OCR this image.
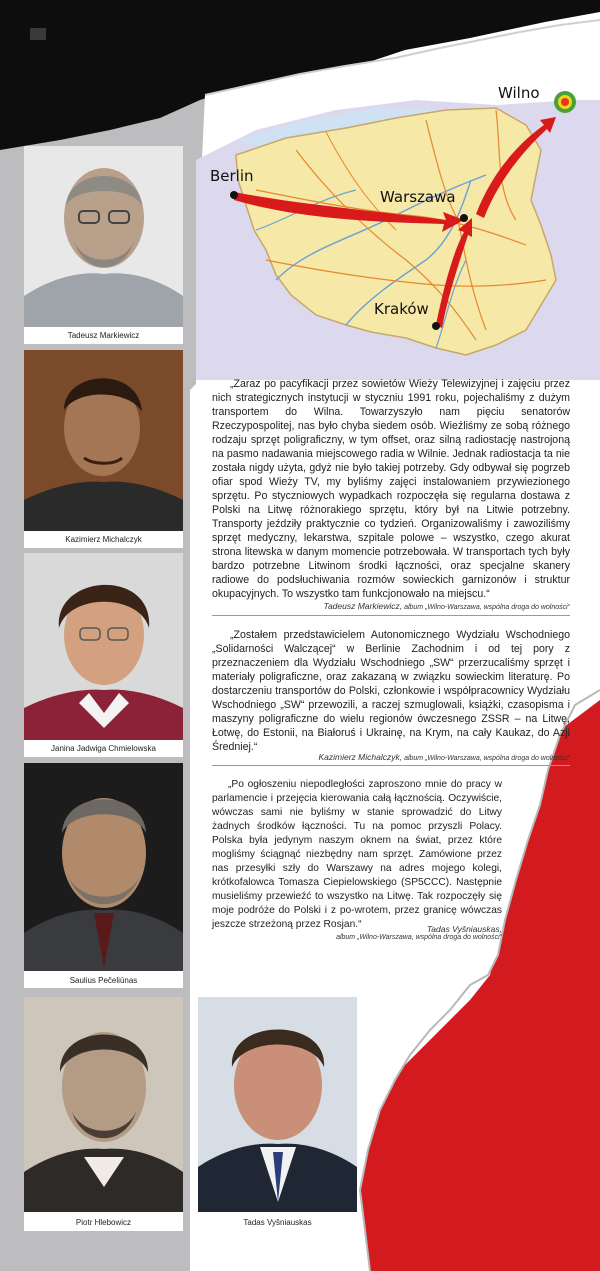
Berlin
Warszawa
Kraków
Wilno
Tadeusz Markiewicz
Kazimierz Michalczyk
Janina Jadwiga Chmielowska
Saulius Pečeliūnas
Piotr Hlebowicz	Tadas Vyšniauskas
„Zaraz po pacyfikacji przez sowietów Wieży Telewizyjnej i zajęciu przez nich strategicznych instytucji w styczniu 1991 roku, pojechaliśmy z dużym transportem do Wilna. Towarzyszyło nam pięciu senatorów Rzeczypospolitej, nas było chyba siedem osób. Wieźliśmy ze sobą różnego rodzaju sprzęt poligraficzny, w tym offset, oraz silną radiostację nastrojoną na pasmo nadawania miejscowego radia w Wilnie. Jednak radiostacja ta nie została nigdy użyta, gdyż nie było takiej potrzeby. Gdy odbywał się pogrzeb ofiar spod Wieży TV, my byliśmy zajęci instalowaniem przywiezionego sprzętu. Po styczniowych wypadkach rozpoczęła się regularna dostawa z Polski na Litwę różnorakiego sprzętu, który był na Litwie potrzebny. Transporty jeździły praktycznie co tydzień. Organizowaliśmy i zawoziliśmy sprzęt medyczny, lekarstwa, szpitale polowe – wszystko, czego akurat strona litewska w danym momencie potrzebowała. W transportach tych były bardzo potrzebne Litwinom środki łączności, oraz specjalne skanery radiowe do podsłuchiwania rozmów sowieckich garnizonów i struktur okupacyjnych. To wszystko tam funkcjonowało na miejscu.“
Tadeusz Markiewicz, album „Wilno-Warszawa, wspólna droga do wolności“
„Zostałem przedstawicielem Autonomicznego Wydziału Wschodniego „Solidarności Walczącej“ w Berlinie Zachodnim i od tej pory z przeznaczeniem dla Wydziału Wschodniego „SW“ przerzucaliśmy sprzęt i materiały poligraficzne, oraz zakazaną w związku sowieckim literaturę. Po dostarczeniu transportów do Polski, członkowie i współpracownicy Wydziału Wschodniego „SW“ przewozili, a raczej szmuglowali, książki, czasopisma i maszyny poligraficzne do wielu regionów ówczesnego ZSSR – na Litwę, Łotwę, do Estonii, na Białoruś i Ukrainę, na Krym, na cały Kaukaz, do Azji Średniej.“
Kazimierz Michalczyk, album „Wilno-Warszawa, wspólna droga do wolności“
„Po ogłoszeniu niepodległości zaproszono mnie do pracy w parlamencie i przejęcia kierowania całą łącznością. Oczywiście, wówczas sami nie byliśmy w stanie sprowadzić do Litwy żadnych środków łączności. Tu na pomoc przyszli Polacy. Polska była jedynym naszym oknem na świat, przez które mogliśmy ściągnąć niezbędny nam sprzęt. Zamówione przez nas przesyłki szły do Warszawy na adres mojego kolegi, krótkofalowca Tomasza Ciepielowskiego (SP5CCC). Następnie musieliśmy przewieźć to wszystko na Litwę. Tak rozpoczęły się moje podróże do Polski i z po-wrotem, przez granicę wówczas jeszcze strzeżoną przez Rosjan.“	Tadas Vyšniauskas,
album „Wilno-Warszawa, wspólna droga do wolności“
